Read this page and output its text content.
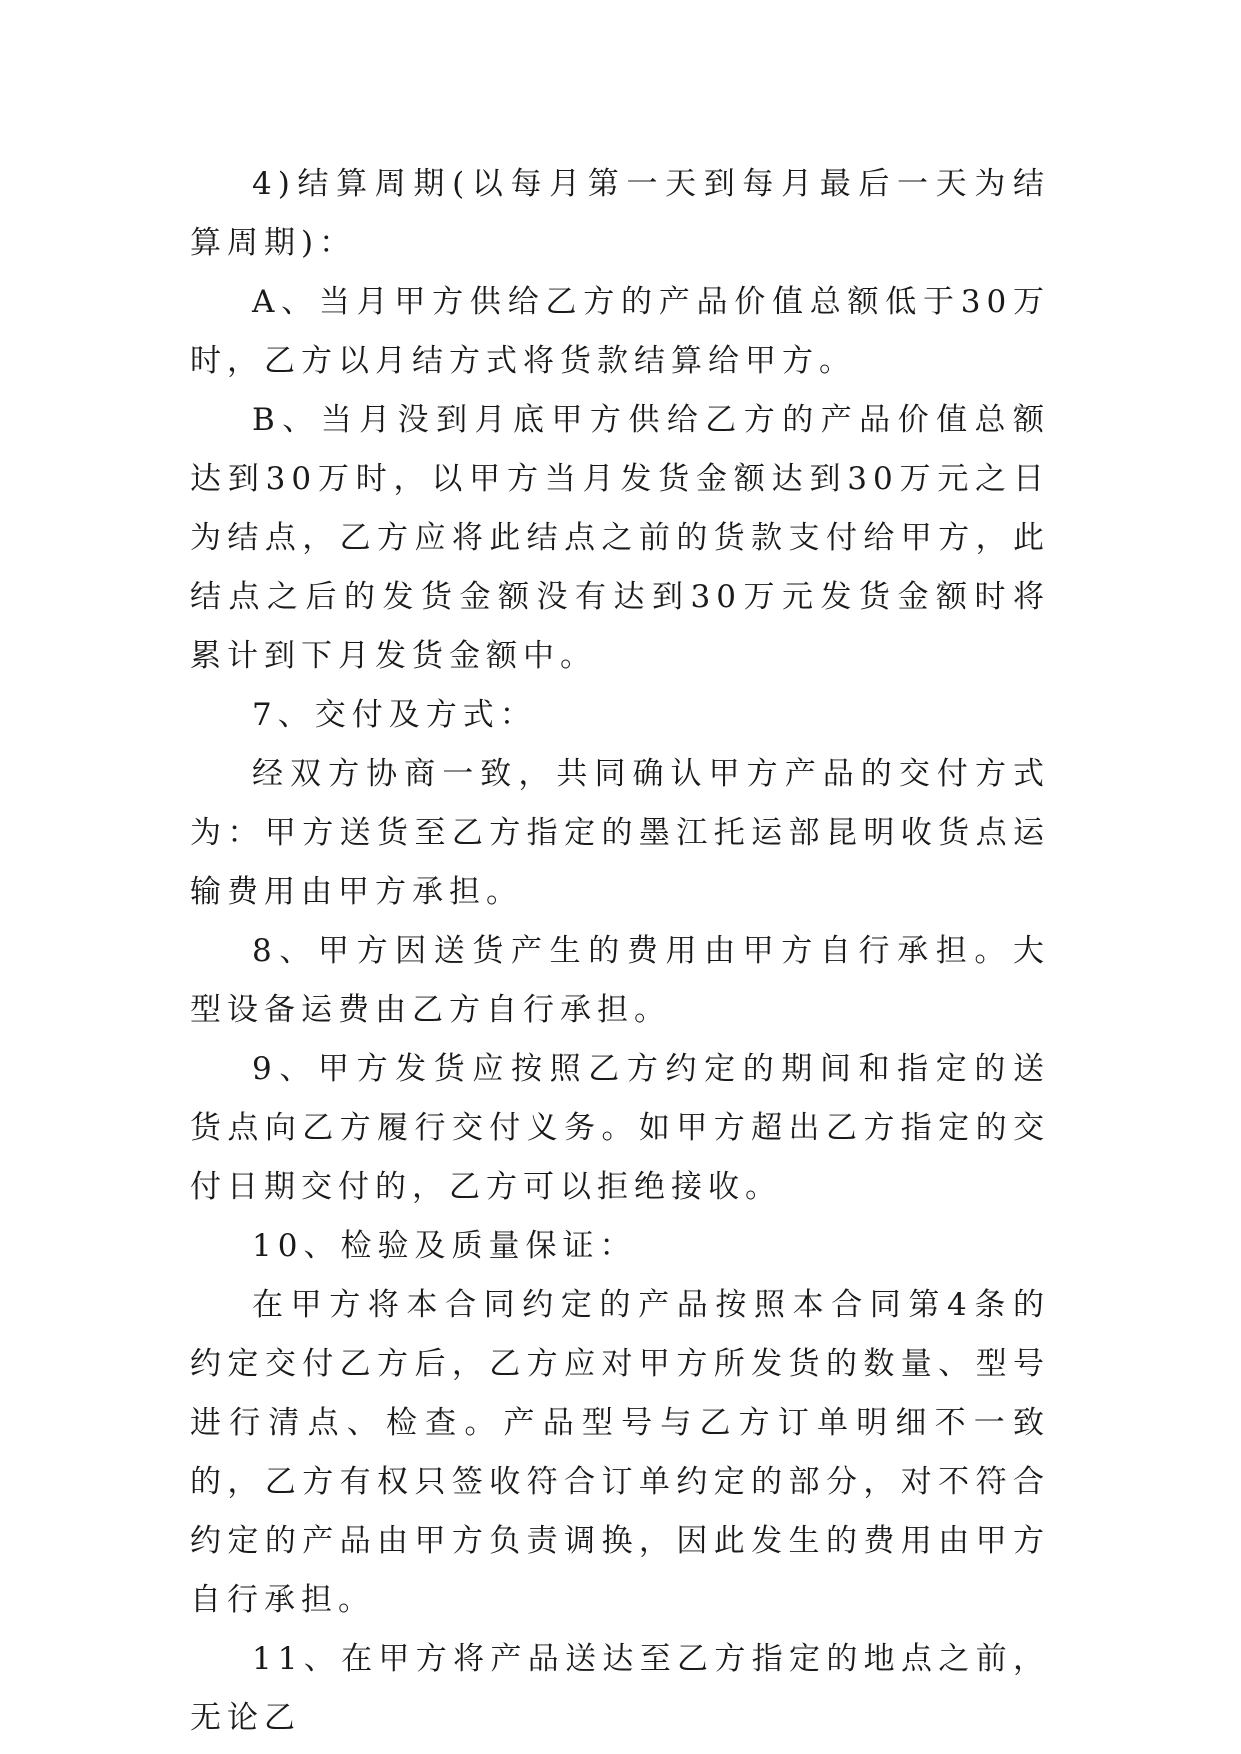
4)结算周期(以每月第一天到每月最后一天为结算周期)：

A、当月甲方供给乙方的产品价值总额低于30万时，乙方以月结方式将货款结算给甲方。

B、当月没到月底甲方供给乙方的产品价值总额达到30万时，以甲方当月发货金额达到30万元之日为结点，乙方应将此结点之前的货款支付给甲方，此结点之后的发货金额没有达到30万元发货金额时将累计到下月发货金额中。

7、交付及方式：

经双方协商一致，共同确认甲方产品的交付方式为：甲方送货至乙方指定的墨江托运部昆明收货点运输费用由甲方承担。

8、甲方因送货产生的费用由甲方自行承担。大型设备运费由乙方自行承担。

9、甲方发货应按照乙方约定的期间和指定的送货点向乙方履行交付义务。如甲方超出乙方指定的交付日期交付的，乙方可以拒绝接收。

10、检验及质量保证：

在甲方将本合同约定的产品按照本合同第4条的约定交付乙方后，乙方应对甲方所发货的数量、型号进行清点、检查。产品型号与乙方订单明细不一致的，乙方有权只签收符合订单约定的部分，对不符合约定的产品由甲方负责调换，因此发生的费用由甲方自行承担。

11、在甲方将产品送达至乙方指定的地点之前，无论乙
